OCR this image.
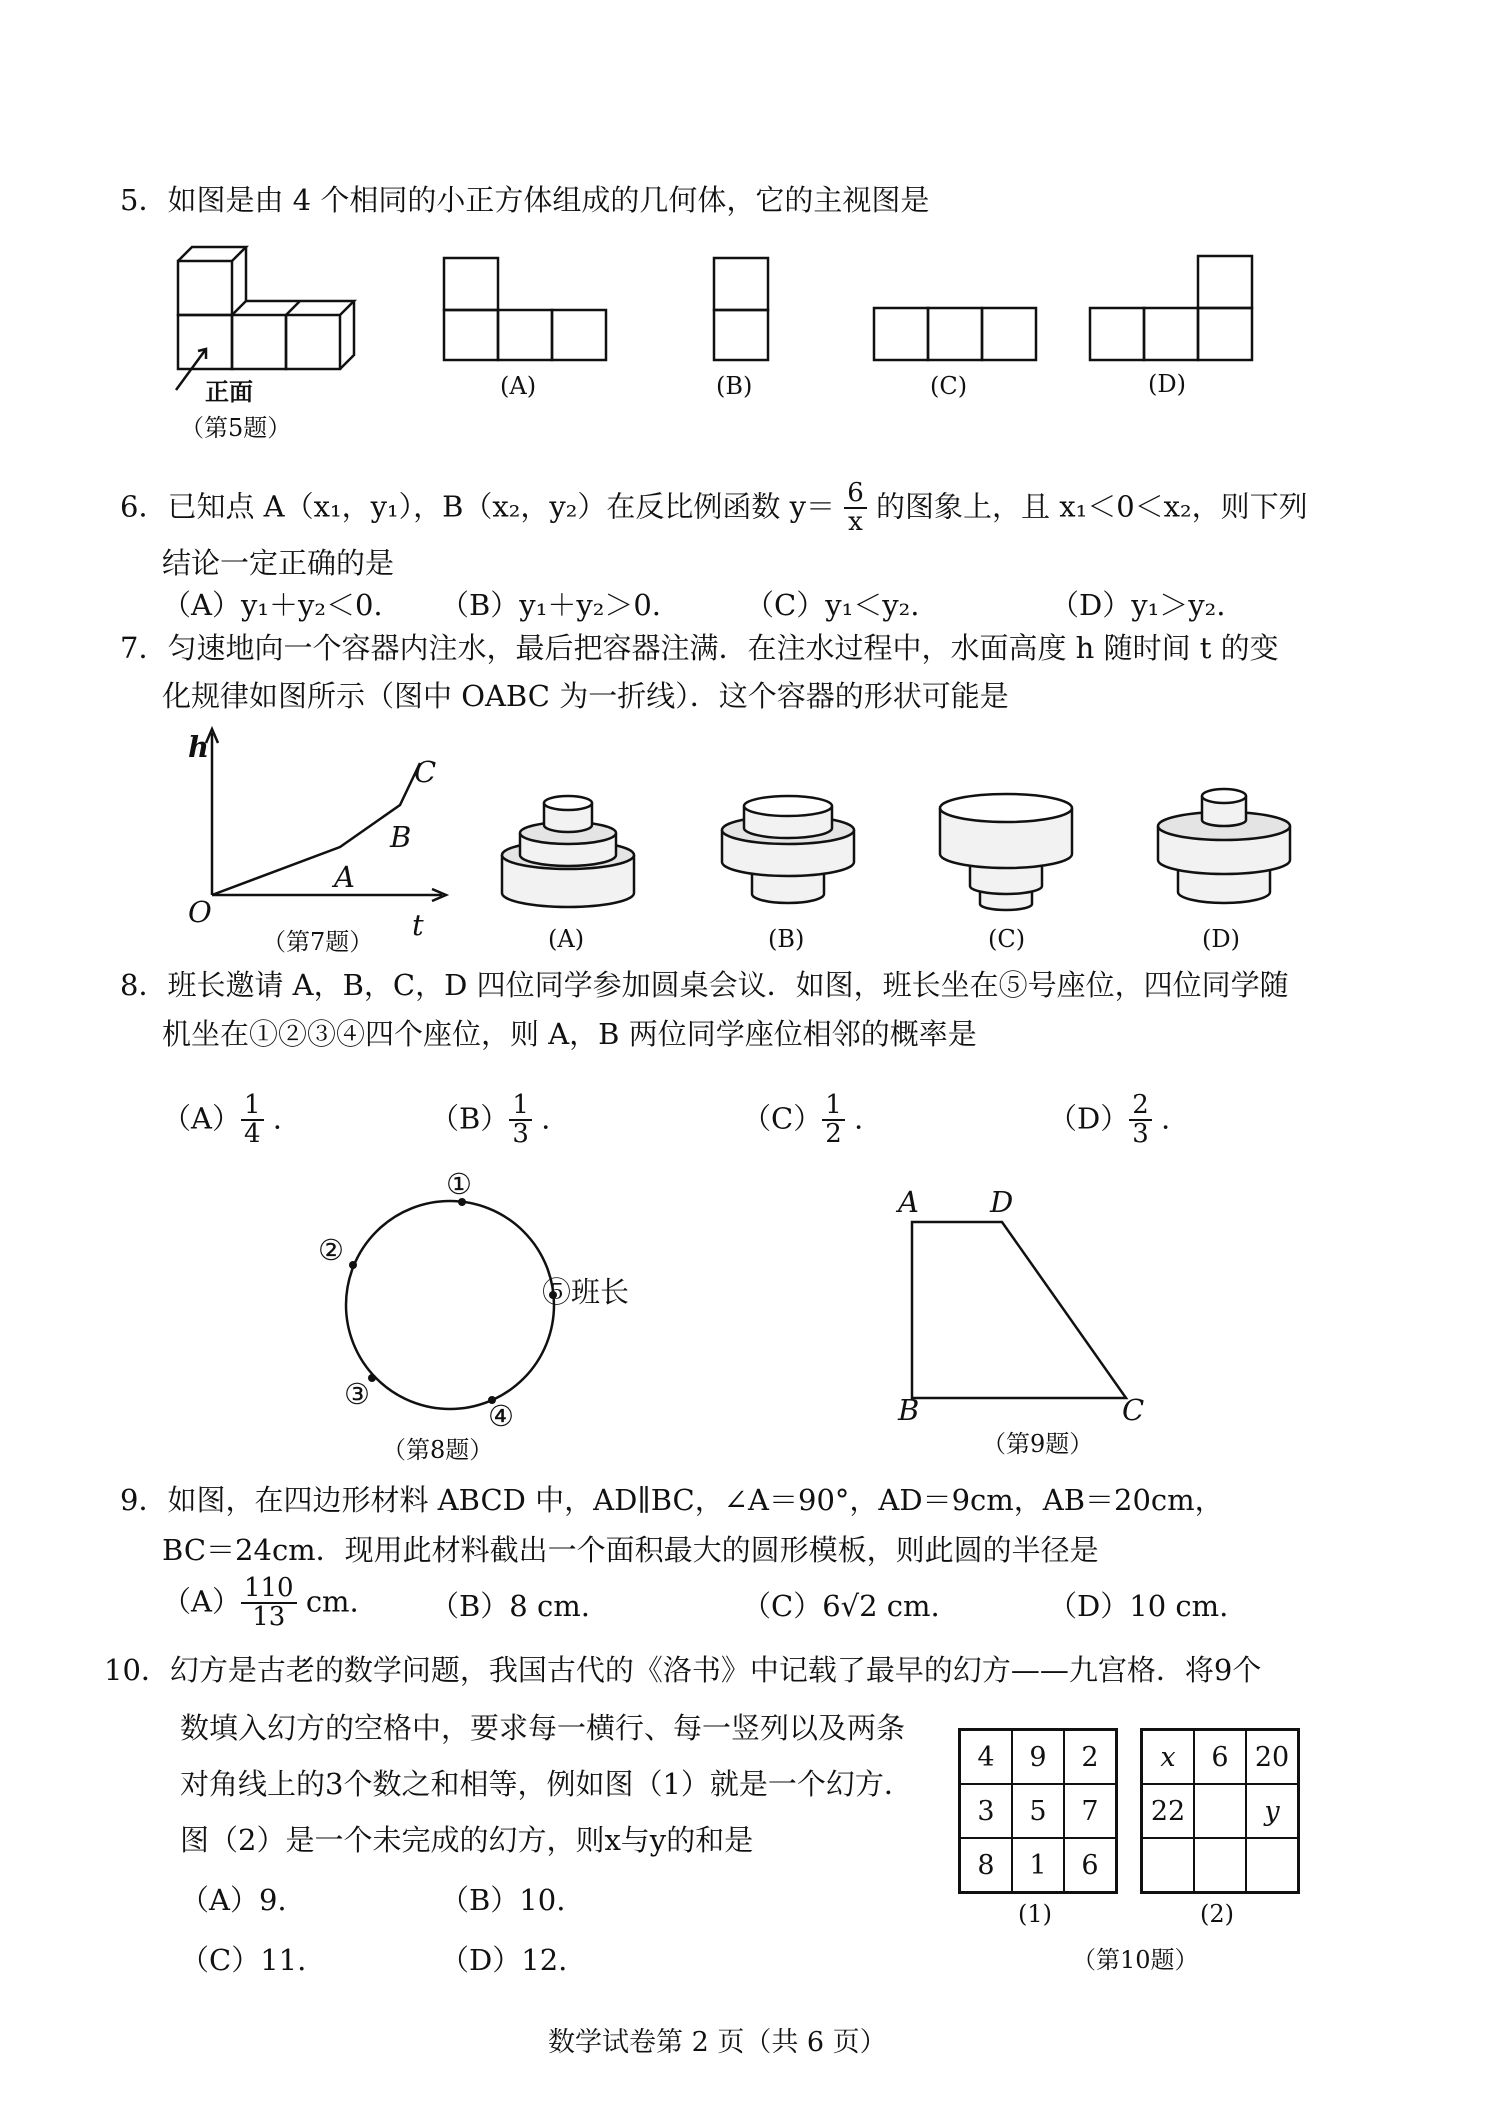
5．如图是由 4 个相同的小正方体组成的几何体，它的主视图是
正面
（第5题）
(A)	(B)	(C)	(D)
6．已知点 A（x₁，y₁），B（x₂，y₂）在反比例函数 $y= \frac{6}{x}$ 的图象上，且 x₁＜0＜x₂，则下列
结论一定正确的是
（A）y₁＋y₂＜0. （B）y₁＋y₂＞0.	（C）y₁＜y₂.	（D）y₁＞y₂.
7．匀速地向一个容器内注水，最后把容器注满．在注水过程中，水面高度 h 随时间 t 的变
化规律如图所示（图中 OABC 为一折线）．这个容器的形状可能是
h
t
O
A
B
C
（第7题）	(A)	(B)	(C)	(D)
8．班长邀请 A，B，C，D 四位同学参加圆桌会议．如图，班长坐在⑤号座位，四位同学随
机坐在①②③④四个座位，则 A，B 两位同学座位相邻的概率是
$(A) \frac{1}{4}$ .	$(B) \frac{1}{3}$ .	$(C) \frac{1}{2}$ .	$(D) \frac{2}{3}$ .
①
②
③
④
⑤班长
（第8题）
A D
B	C
（第9题）
9．如图，在四边形材料 ABCD 中，AD∥BC，∠A＝90°，AD＝9cm，AB＝20cm，
BC＝24cm．现用此材料截出一个面积最大的圆形模板，则此圆的半径是
$(A) \frac{110}{13}$ cm. （B）8 cm.	（C）6√2 cm.	（D）10 cm.
10．幻方是古老的数学问题，我国古代的《洛书》中记载了最早的幻方——九宫格．将9个
数填入幻方的空格中，要求每一横行、每一竖列以及两条
对角线上的3个数之和相等，例如图（1）就是一个幻方．
图（2）是一个未完成的幻方，则x与y的和是
（A）9.	（B）10.
（C）11.	（D）12.
4	9	2
3	5	7
8	1	6
x	6	20
22		y

(1)	(2)
（第10题）
数学试卷第 2 页（共 6 页）
